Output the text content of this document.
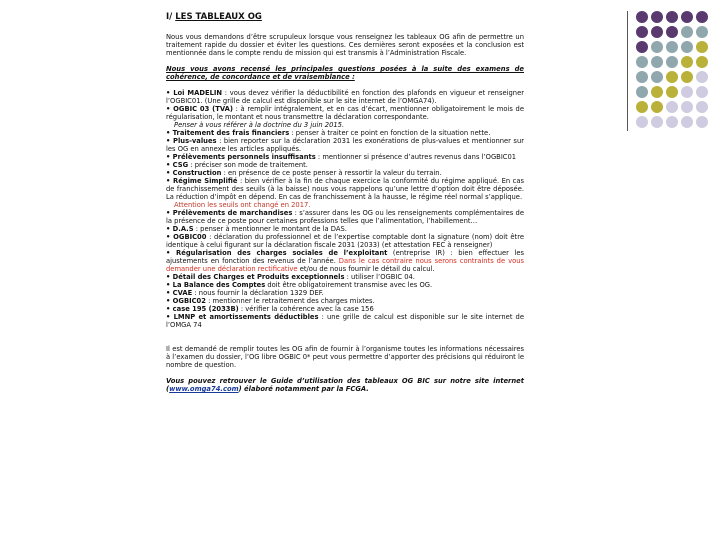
I/ LES TABLEAUX OG

Nous vous demandons d’être scrupuleux lorsque vous renseignez les tableaux OG afin de permettre un traitement rapide du dossier et éviter les questions. Ces dernières seront exposées et la conclusion est mentionnée dans le compte rendu de mission qui est transmis à l’Administration Fiscale.

Nous vous avons recensé les principales questions posées à la suite des examens de cohérence, de concordance et de vraisemblance :

• Loi MADELIN : vous devez vérifier la déductibilité en fonction des plafonds en vigueur et renseigner l’OGBIC01. (Une grille de calcul est disponible sur le site internet de l’OMGA74).

• OGBIC 03 (TVA) : à remplir intégralement, et en cas d’écart, mentionner obligatoirement le mois de régularisation, le montant et nous transmettre la déclaration correspondante.

Penser à vous référer à la doctrine du 3 juin 2015.

• Traitement des frais financiers : penser à traiter ce point en fonction de la situation nette.

• Plus-values : bien reporter sur la déclaration 2031 les exonérations de plus-values et mentionner sur les OG en annexe les articles appliqués.

• Prélèvements personnels insuffisants : mentionner si présence d’autres revenus dans l’OGBIC01

• CSG : préciser son mode de traitement.

• Construction : en présence de ce poste penser à ressortir la valeur du terrain.

• Régime Simplifié : bien vérifier à la fin de chaque exercice la conformité du régime appliqué. En cas de franchissement des seuils (à la baisse) nous vous rappelons qu’une lettre d’option doit être déposée. La réduction d’impôt en dépend. En cas de franchissement à la hausse, le régime réel normal s’applique.

Attention les seuils ont changé en 2017.

• Prélèvements de marchandises : s’assurer dans les OG ou les renseignements complémentaires de la présence de ce poste pour certaines professions telles que l’alimentation, l’habillement…

• D.A.S : penser à mentionner le montant de la DAS.

• OGBIC00 : déclaration du professionnel et de l’expertise comptable dont la signature (nom) doit être identique à celui figurant sur la déclaration fiscale 2031 (2033) (et attestation FEC à renseigner)

• Régularisation des charges sociales de l’exploitant (entreprise IR) : bien effectuer les ajustements en fonction des revenus de l’année. Dans le cas contraire nous serons contraints de vous demander une déclaration rectificative et/ou de nous fournir le détail du calcul.

• Détail des Charges et Produits exceptionnels : utiliser l’OGBIC 04.

• La Balance des Comptes doit être obligatoirement transmise avec les OG.

• CVAE : nous fournir la déclaration 1329 DEF.

• OGBIC02 : mentionner le retraitement des charges mixtes.

• case 195 (2033B) : vérifier la cohérence avec la case 156

• LMNP et amortissements déductibles : une grille de calcul est disponible sur le site internet de l’OMGA 74

Il est demandé de remplir toutes les OG afin de fournir à l’organisme toutes les informations nécessaires à l’examen du dossier, l’OG libre OGBIC 0* peut vous permettre d’apporter des précisions qui réduiront le nombre de question.

Vous pouvez retrouver le Guide d’utilisation des tableaux OG BIC sur notre site internet (www.omga74.com) élaboré notamment par la FCGA.
